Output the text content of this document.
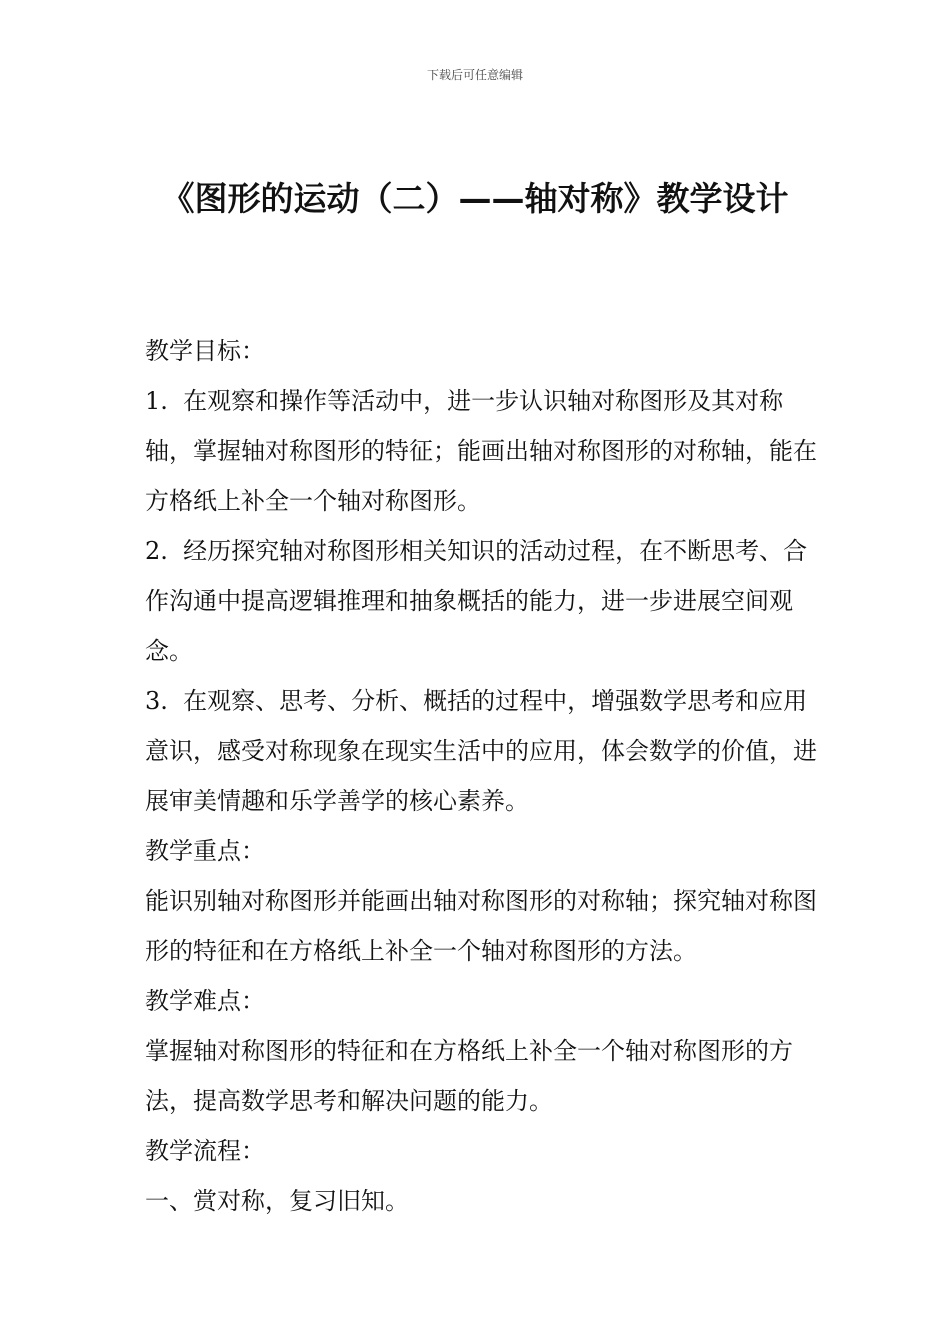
下载后可任意编辑
《图形的运动（二）——轴对称》教学设计

教学目标：

1.  在观察和操作等活动中，进一步认识轴对称图形及其对称轴，掌握轴对称图形的特征；能画出轴对称图形的对称轴，能在方格纸上补全一个轴对称图形。

2.  经历探究轴对称图形相关知识的活动过程，在不断思考、合作沟通中提高逻辑推理和抽象概括的能力，进一步进展空间观念。

3.  在观察、思考、分析、概括的过程中，增强数学思考和应用意识，感受对称现象在现实生活中的应用，体会数学的价值，进展审美情趣和乐学善学的核心素养。

教学重点：

能识别轴对称图形并能画出轴对称图形的对称轴；探究轴对称图形的特征和在方格纸上补全一个轴对称图形的方法。

教学难点：

掌握轴对称图形的特征和在方格纸上补全一个轴对称图形的方法，提高数学思考和解决问题的能力。

教学流程：

一、赏对称，复习旧知。
